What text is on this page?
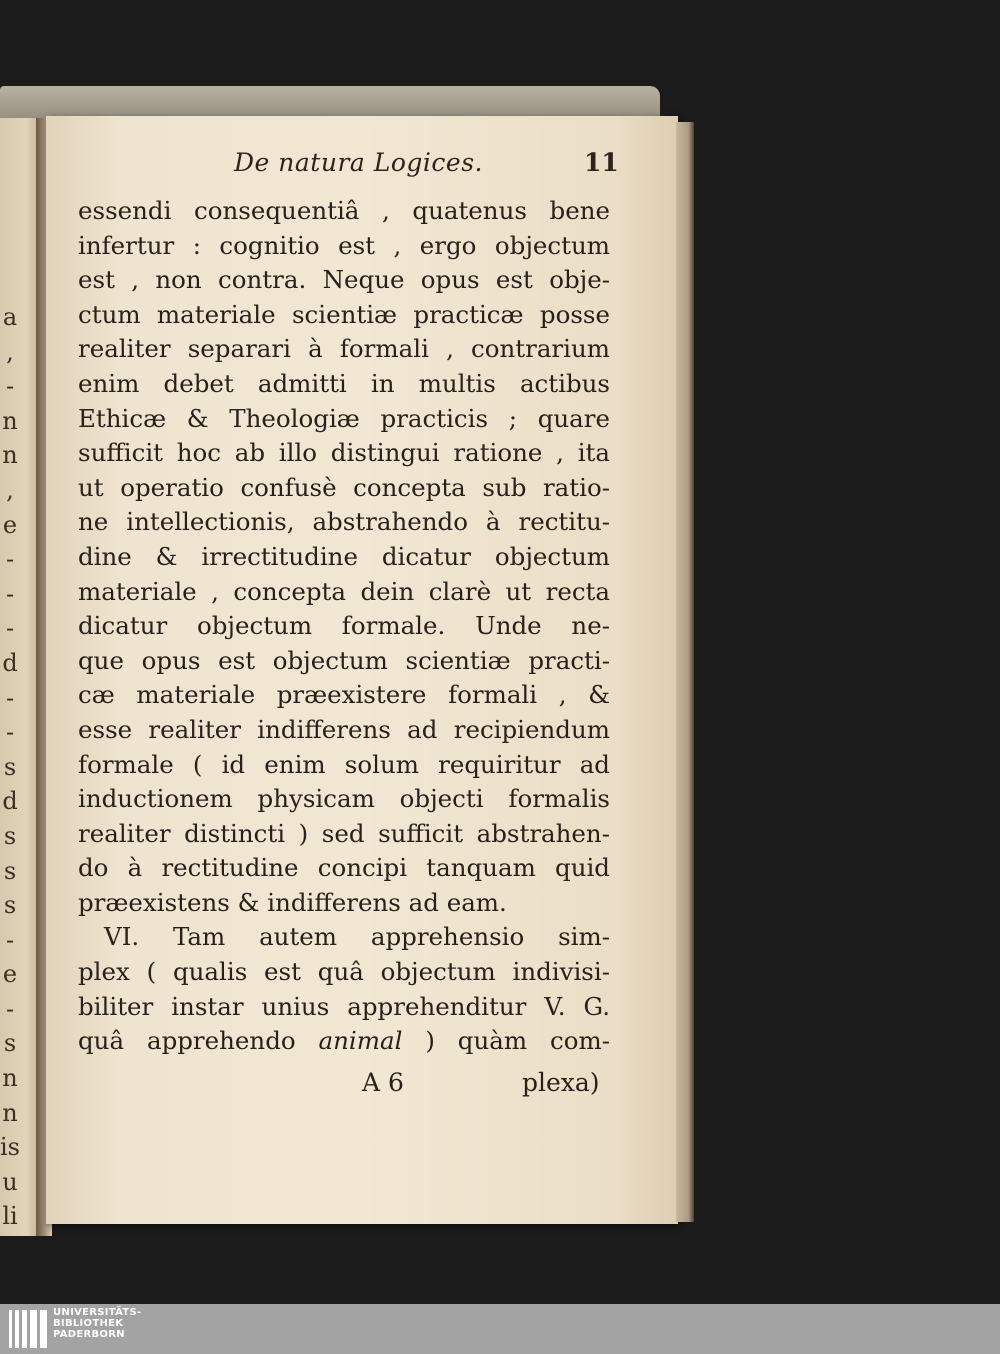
a
,
-
n
n
,
e
-
-
-
d
-
-
s
d
s
s
s
-
e
-
s
n
n
is
u
li
De natura Logices.	11
essendi consequentiâ , quatenus bene
infertur : cognitio est , ergo objectum
est , non contra. Neque opus est obje-
ctum materiale scientiæ practicæ posse
realiter separari à formali , contrarium
enim debet admitti in multis actibus
Ethicæ & Theologiæ practicis ; quare
sufficit hoc ab illo distingui ratione , ita
ut operatio confusè concepta sub ratio-
ne intellectionis, abstrahendo à rectitu-
dine & irrectitudine dicatur objectum
materiale , concepta dein clarè ut recta
dicatur objectum formale. Unde ne-
que opus est objectum scientiæ practi-
cæ materiale præexistere formali , &
esse realiter indifferens ad recipiendum
formale ( id enim solum requiritur ad
inductionem physicam objecti formalis
realiter distincti ) sed sufficit abstrahen-
do à rectitudine concipi tanquam quid
præexistens & indifferens ad eam.
VI. Tam autem apprehensio sim-
plex ( qualis est quâ objectum indivisi-
biliter instar unius apprehenditur V. G.
quâ apprehendo animal ) quàm com-
A 6	plexa)
UNIVERSITÄTS-
BIBLIOTHEK
PADERBORN
